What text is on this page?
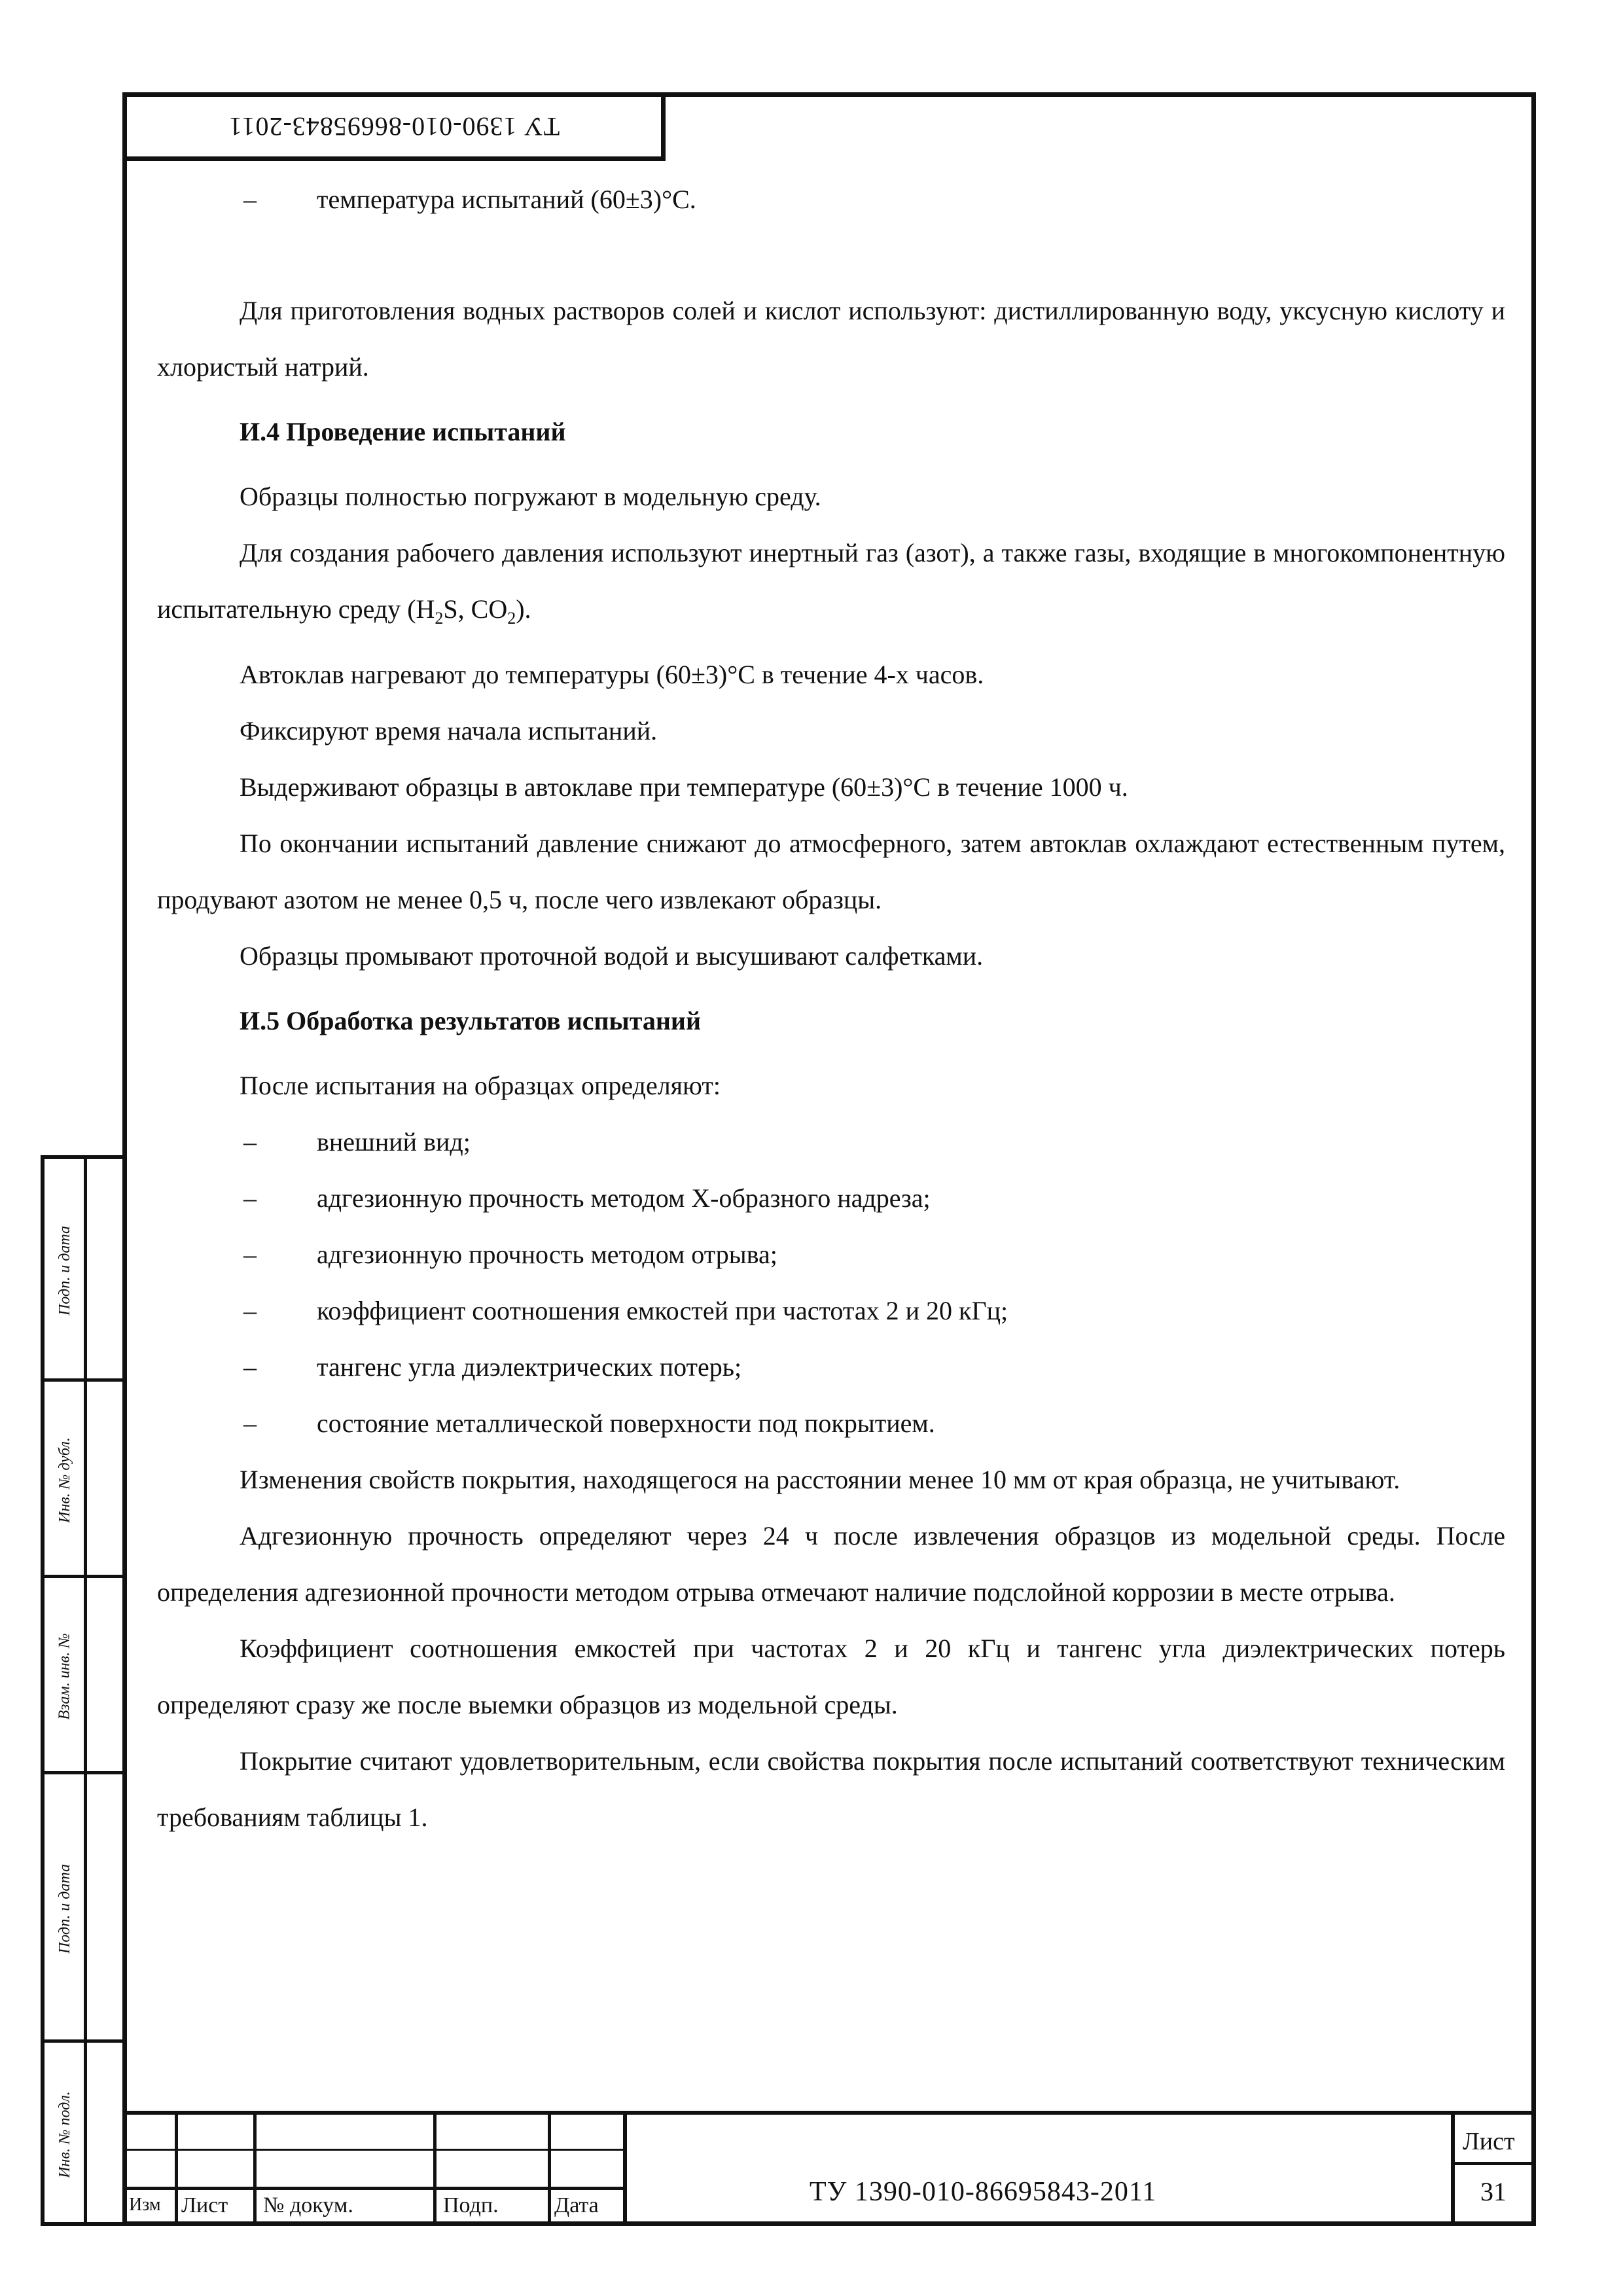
ТУ 1390-010-86695843-2011

– температура испытаний (60±3)°С.

Для приготовления водных растворов солей и кислот используют: дистиллированную воду, уксусную кислоту и хлористый натрий.

И.4 Проведение испытаний

Образцы полностью погружают в модельную среду.

Для создания рабочего давления используют инертный газ (азот), а также газы, входящие в многокомпонентную испытательную среду ($H_2S$, $CO_2$).

Автоклав нагревают до температуры (60±3)°С в течение 4-х часов.

Фиксируют время начала испытаний.

Выдерживают образцы в автоклаве при температуре (60±3)°С в течение 1000 ч.

По окончании испытаний давление снижают до атмосферного, затем автоклав охлаждают естественным путем, продувают азотом не менее 0,5 ч, после чего извлекают образцы.

Образцы промывают проточной водой и высушивают салфетками.

И.5 Обработка результатов испытаний

После испытания на образцах определяют:

– внешний вид;

– адгезионную прочность методом Х-образного надреза;

– адгезионную прочность методом отрыва;

– коэффициент соотношения емкостей при частотах 2 и 20 кГц;

– тангенс угла диэлектрических потерь;

– состояние металлической поверхности под покрытием.

Изменения свойств покрытия, находящегося на расстоянии менее 10 мм от края образца, не учитывают.

Адгезионную прочность определяют через 24 ч после извлечения образцов из модельной среды. После определения адгезионной прочности методом отрыва отмечают наличие подслойной коррозии в месте отрыва.

Коэффициент соотношения емкостей при частотах 2 и 20 кГц и тангенс угла диэлектрических потерь определяют сразу же после выемки образцов из модельной среды.

Покрытие считают удовлетворительным, если свойства покрытия после испытаний соответствуют техническим требованиям таблицы 1.

Подп. и дата
Инв. № дубл.
Взам. инв. №
Подп. и дата
Инв. № подл.
Изм Лист № докум.	Подп.	Дата	ТУ 1390-010-86695843-2011
Лист
31
